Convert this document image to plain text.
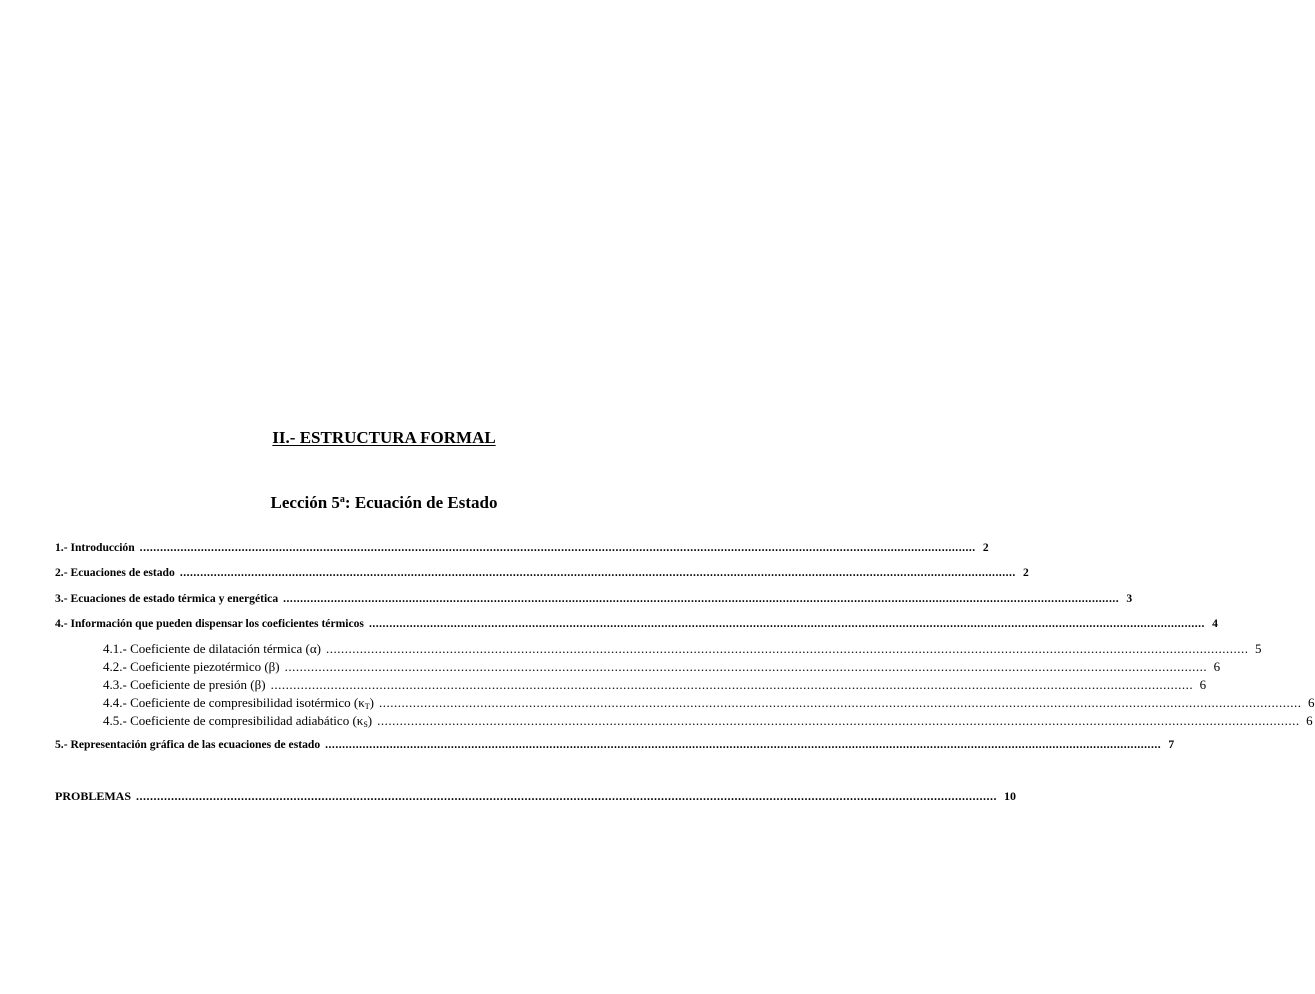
II.- ESTRUCTURA FORMAL
Lección 5$^a$: Ecuación de Estado
1.- Introducción ...................................................................................................................................................................................................................................................... 2
2.- Ecuaciones de estado ...................................................................................................................................................................................................................................................... 2
3.- Ecuaciones de estado térmica y energética ...................................................................................................................................................................................................................................................... 3
4.- Información que pueden dispensar los coeficientes térmicos ...................................................................................................................................................................................................................................................... 4
4.1.- Coeficiente de dilatación térmica (α) ...................................................................................................................................................................................................................................................... 5
4.2.- Coeficiente piezotérmico (β) ...................................................................................................................................................................................................................................................... 6
4.3.- Coeficiente de presión (β) ...................................................................................................................................................................................................................................................... 6
4.4.- Coeficiente de compresibilidad isotérmico $(\kappa_T)$ ...................................................................................................................................................................................................................................................... 6
4.5.- Coeficiente de compresibilidad adiabático $(\kappa_S)$ ...................................................................................................................................................................................................................................................... 6
5.- Representación gráfica de las ecuaciones de estado ...................................................................................................................................................................................................................................................... 7
PROBLEMAS ...................................................................................................................................................................................................................................................... 10
